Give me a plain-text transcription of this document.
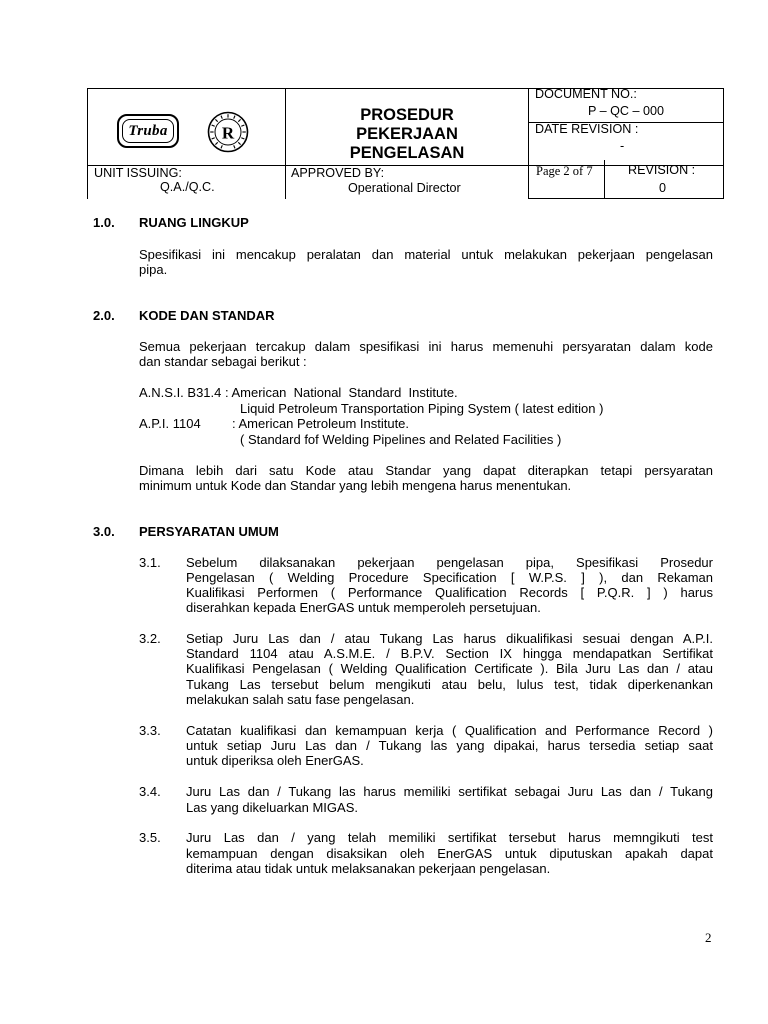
Truba	R
PROSEDUR
PEKERJAAN
PENGELASAN
DOCUMENT NO.:
P – QC – 000
DATE REVISION :
-
UNIT ISSUING:
Q.A./Q.C.
APPROVED BY:
Operational Director
Page 2 of 7	REVISION :
0
1.0. RUANG LINGKUP
Spesifikasi ini mencakup peralatan dan material untuk melakukan pekerjaan pengelasan
pipa.
2.0. KODE DAN STANDAR
Semua pekerjaan tercakup dalam spesifikasi ini harus memenuhi persyaratan dalam kode
dan standar sebagai berikut :
A.N.S.I. B31.4 : American  National  Standard  Institute.
Liquid Petroleum Transportation Piping System ( latest edition )
A.P.I. 1104 : American Petroleum Institute.
( Standard fof Welding Pipelines and Related Facilities )
Dimana lebih dari satu Kode atau Standar yang dapat diterapkan tetapi persyaratan
minimum untuk Kode dan Standar yang lebih mengena harus menentukan.
3.0. PERSYARATAN UMUM
3.1. Sebelum dilaksanakan pekerjaan pengelasan pipa, Spesifikasi Prosedur
Pengelasan ( Welding Procedure Specification [ W.P.S. ] ), dan Rekaman
Kualifikasi Performen ( Performance Qualification Records [ P.Q.R. ] ) harus
diserahkan kepada EnerGAS untuk memperoleh persetujuan.
3.2. Setiap Juru Las dan / atau Tukang Las harus dikualifikasi sesuai dengan A.P.I.
Standard 1104 atau A.S.M.E. / B.P.V. Section IX hingga mendapatkan Sertifikat
Kualifikasi Pengelasan ( Welding Qualification Certificate ). Bila Juru Las dan / atau
Tukang Las tersebut belum mengikuti atau belu, lulus test, tidak diperkenankan
melakukan salah satu fase pengelasan.
3.3. Catatan kualifikasi dan kemampuan kerja ( Qualification and Performance Record )
untuk setiap Juru Las dan / Tukang las yang dipakai, harus tersedia setiap saat
untuk diperiksa oleh EnerGAS.
3.4. Juru Las dan / Tukang las harus memiliki sertifikat sebagai Juru Las dan / Tukang
Las yang dikeluarkan MIGAS.
3.5. Juru Las dan / yang telah memiliki sertifikat tersebut harus memngikuti test
kemampuan dengan disaksikan oleh EnerGAS untuk diputuskan apakah dapat
diterima atau tidak untuk melaksanakan pekerjaan pengelasan.
2
